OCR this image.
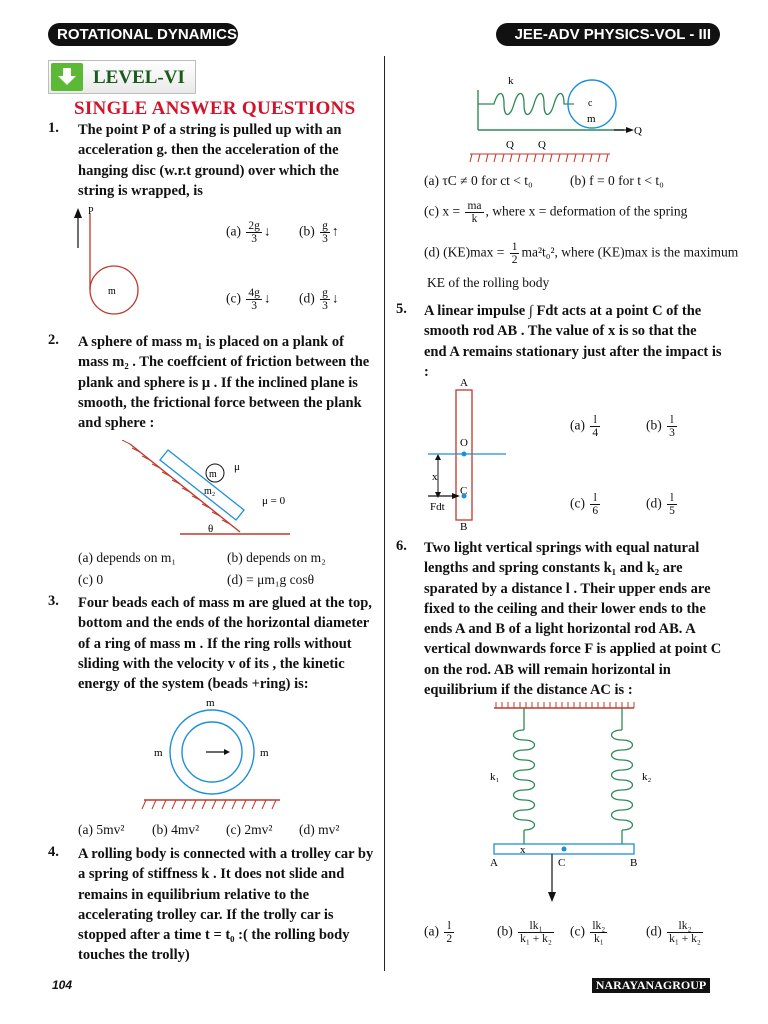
ROTATIONAL DYNAMICS	JEE-ADV PHYSICS-VOL - III
LEVEL-VI
SINGLE ANSWER QUESTIONS
1. The point P of a string is pulled up with an acceleration g. then the acceleration of the hanging disc (w.r.t ground) over which the string is wrapped, is
P
m
$(a) \frac{2g}{3}$ ↓ $(b) \frac{g}{3}$ ↑
$(c) \frac{4g}{3}$ ↓ $(d) \frac{g}{3}$ ↓
2. A sphere of mass m₁ is placed on a plank of mass m₂ . The coeffcient of friction between the plank and sphere is μ . If the inclined plane is smooth, the frictional force between the plank and sphere :
m
μ
m₂
μ = 0
θ
(a) depends on m₁	(b) depends on m₂
(c) 0	(d) = μm₁g cosθ
3. Four beads each of mass m are glued at the top, bottom and the ends of the horizontal diameter of a ring of mass m . If the ring rolls without sliding with the velocity v of its , the kinetic energy of the system (beads +ring) is:
m
m	m
(a) 5mv² (b) 4mv² (c) 2mv² (d) mv²
4. A rolling body is connected with a trolley car by a spring of stiffness k . It does not slide and remains in equilibrium relative to the accelerating trolley car. If the trolly car is stopped after a time t = t₀ :( the rolling body touches the trolly)
k
c
m
Q
Q Q
(a) τC ≠ 0 for ct < t₀	(b) f = 0 for t < t₀
(c) $x = \frac{ma}{k}$ , where x = deformation of the spring
(d) $(KE)\max = \frac{1}{2} ma^2t_0^2$, where (KE)max is the maximum
KE of the rolling body
5. A linear impulse ∫ Fdt acts at a point C of the smooth rod AB . The value of x is so that the end A remains stationary just after the impact is :
A
O
x
C
Fdt
B
$(a) \frac{l}{4}$	$(b) \frac{l}{3}$
$(c) \frac{l}{6}$	$(d) \frac{l}{5}$
6. Two light vertical springs with equal natural lengths and spring constants k₁ and k₂ are sparated by a distance l . Their upper ends are fixed to the ceiling and their lower ends to the ends A and B of a light horizontal rod AB. A vertical downwards force F is applied at point C on the rod. AB will remain horizontal in equilibrium if the distance AC is :
k₁	k₂
x
A	C	B
$(a) \frac{l}{2}$	$(b) \frac{\text{lk₁}}{\text{k₁ + k₂}} (c) \frac{\text{lk₂}}{\text{k₁}}$	$(d) \frac{\text{lk₂}}{\text{k₁ + k₂}}$
104	NARAYANAGROUP
